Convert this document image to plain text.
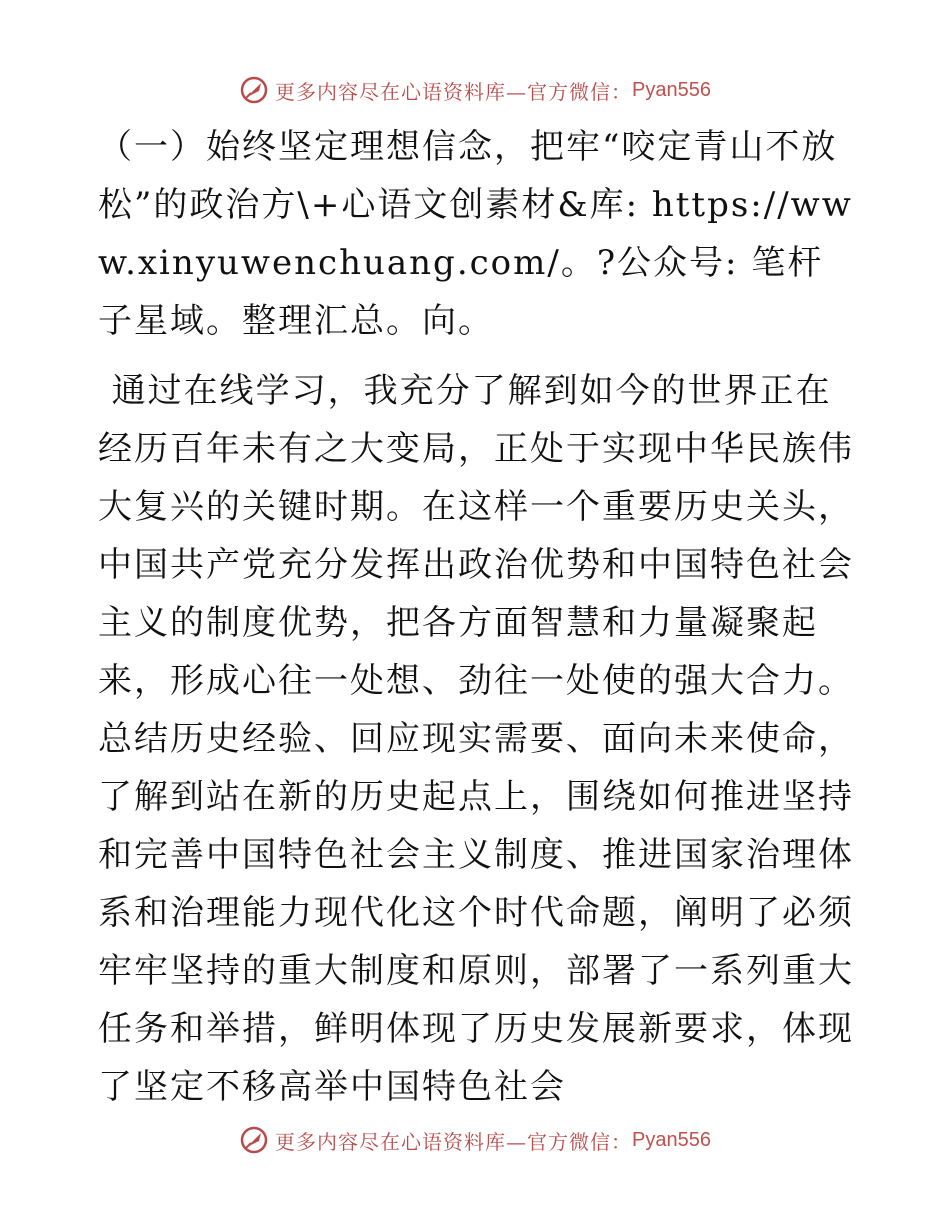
更多内容尽在心语资料库—官方微信： Pyan556

（一）始终坚定理想信念，把牢“咬定青山不放松”的政治方\+心语文创素材&库: https://www.xinyuwenchuang.com/。?公众号: 笔杆子星域。整理汇总。向。

通过在线学习，我充分了解到如今的世界正在经历百年未有之大变局，正处于实现中华民族伟大复兴的关键时期。在这样一个重要历史关头，中国共产党充分发挥出政治优势和中国特色社会主义的制度优势，把各方面智慧和力量凝聚起来，形成心往一处想、劲往一处使的强大合力。总结历史经验、回应现实需要、面向未来使命，了解到站在新的历史起点上，围绕如何推进坚持和完善中国特色社会主义制度、推进国家治理体系和治理能力现代化这个时代命题，阐明了必须牢牢坚持的重大制度和原则，部署了一系列重大任务和举措，鲜明体现了历史发展新要求，体现了坚定不移高举中国特色社会

更多内容尽在心语资料库—官方微信： Pyan556
